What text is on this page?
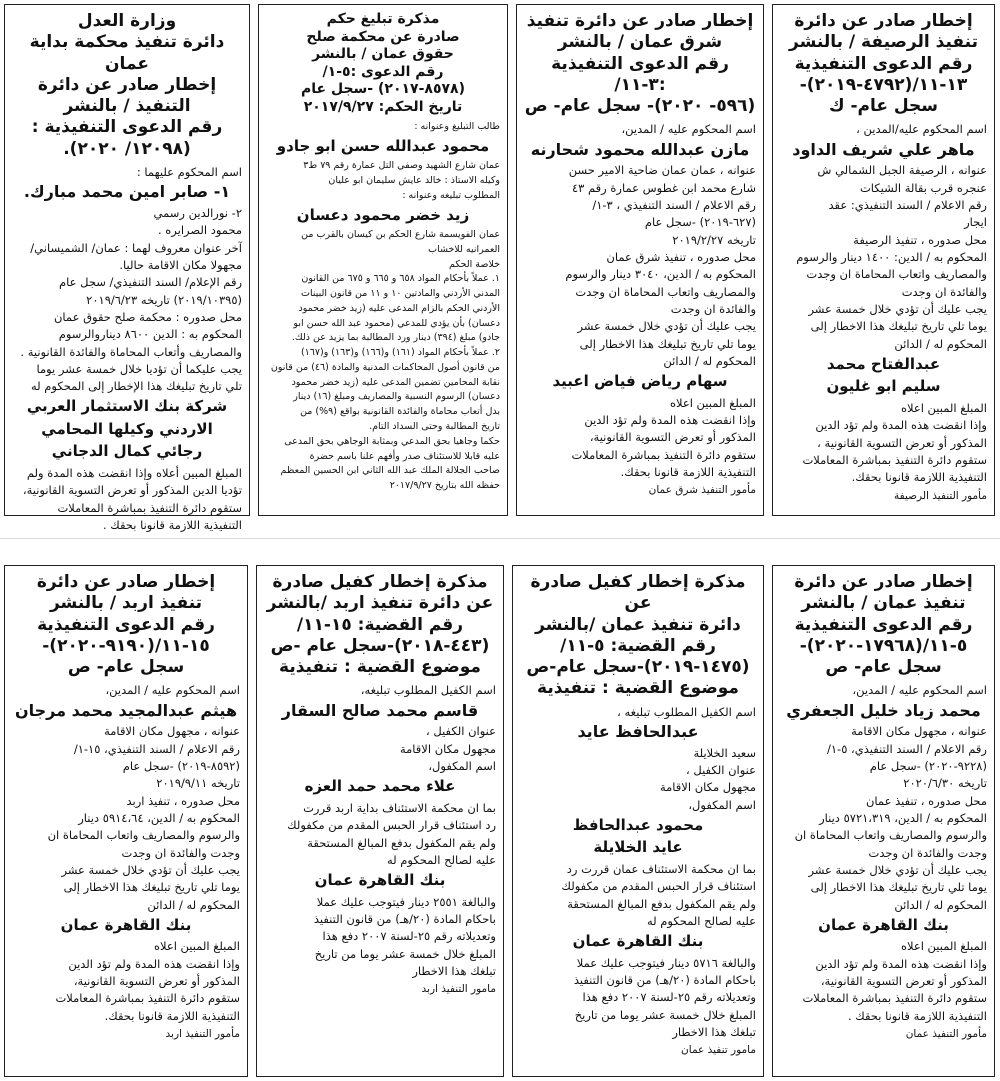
إخطار صادر عن دائرة
تنفيذ الرصيفة / بالنشر
رقم الدعوى التنفيذية
١٣-١١/(٤٧٩٢-٢٠١٩)-
سجل عام- ك
اسم المحكوم عليه/المدين ،
ماهر علي شريف الداود
عنوانه ، الرصيفة الجبل الشمالي ش
عنجره قرب بقالة الشيكات
رقم الاعلام / السند التنفيذي: عقد
ايجار
محل صدوره ، تنفيذ الرصيفة
المحكوم به / الدين: ١٤٠٠ دينار والرسوم
والمصاريف واتعاب المحاماة ان وجدت
والفائدة ان وجدت
يجب عليك أن تؤدي خلال خمسة عشر
يوما تلي تاريخ تبليغك هذا الاخطار إلى
المحكوم له / الدائن
عبدالفتاح محمد
سليم ابو غليون
المبلغ المبين اعلاه
وإذا انقضت هذه المدة ولم تؤد الدين
المذكور أو تعرض التسوية القانونية ،
ستقوم دائرة التنفيذ بمباشرة المعاملات
التنفيذية اللازمة قانونا بحقك.
مأمور التنفيذ الرصيفة
إخطار صادر عن دائرة تنفيذ
شرق عمان / بالنشر
رقم الدعوى التنفيذية :٣-١١/
(٥٩٦- ٢٠٢٠)- سجل عام- ص
اسم المحكوم عليه / المدين،
مازن عبدالله محمود شحارنه
عنوانه ، عمان عمان ضاحية الامير حسن
شارع محمد ابن غطوس عمارة رقم ٤٣
رقم الاعلام / السند التنفيذي ، ٣-١/
(٦٢٧-٢٠١٩) -سجل عام
تاريخه ٢٠١٩/٢/٢٧
محل صدوره ، تنفيذ شرق عمان
المحكوم به / الدين، ٣٠٤٠ دينار والرسوم
والمصاريف واتعاب المحاماة ان وجدت
والفائدة ان وجدت
يجب عليك أن تؤدي خلال خمسة عشر
يوما تلي تاريخ تبليغك هذا الاخطار إلى
المحكوم له / الدائن
سهام رياض فياض اعبيد
المبلغ المبين اعلاه
وإذا انقضت هذه المدة ولم تؤد الدين
المذكور أو تعرض التسوية القانونية،
ستقوم دائرة التنفيذ بمباشرة المعاملات
التنفيذية اللازمة قانونا بحقك.
مأمور التنفيذ شرق عمان
مذكرة تبليغ حكم
صادرة عن محكمة صلح
حقوق عمان / بالنشر
رقم الدعوى :٥-١/
(٨٥٧٨-٢٠١٧) -سجل عام
تاريخ الحكم: ٢٠١٧/٩/٢٧
طالب التبليغ وعنوانه :
محمود عبدالله حسن ابو جادو
عمان شارع الشهيد وصفي التل عمارة رقم ٧٩ ط٣
وكيله الاستاذ : خالد عايش سليمان ابو عليان
المطلوب تبليغه وعنوانه :
زيد خضر محمود دعسان
عمان الفويسمة شارع الحكم بن كيسان بالقرب من
العمرانيه للاخشاب
خلاصة الحكم
١. عملاً بأحكام المواد ٦٥٨ و ٦٦٥ و ٦٧٥ من القانون
المدني الأردني والمادتين ١٠ و ١١ من قانون البينات
الأردني الحكم بالزام المدعى عليه (زيد خضر محمود
دعسان) بأن يؤدي للمدعي (محمود عبد الله حسن ابو
جادو) مبلغ (٣٩٤) دينار ورد المطالبة بما يزيد عن ذلك.
٢. عملاً بأحكام المواد (١٦١) و(١٦٦) و(١٦٣) و(١٦٧)
من قانون أصول المحاكمات المدنية والمادة (٤٦) من قانون
نقابة المحامين تضمين المدعى عليه (زيد خضر محمود
دعسان) الرسوم النسبية والمصاريف ومبلغ (١٦) دينار
بدل أتعاب محاماة والفائدة القانونية بواقع (٩%) من
تاريخ المطالبة وحتى السداد التام.
حكما وجاهيا بحق المدعي وبمثابة الوجاهي بحق المدعى
عليه قابلا للاستئناف صدر وأفهم علنا باسم حضرة
صاحب الجلالة الملك عبد الله الثاني ابن الحسين المعظم
حفظه الله بتاريخ ٢٠١٧/٩/٢٧
وزارة العدل
دائرة تنفيذ محكمة بداية عمان
إخطار صادر عن دائرة
التنفيذ / بالنشر
رقم الدعوى التنفيذية :
(١٢٠٩٨/ ٢٠٢٠).
اسم المحكوم عليهما :
١- صابر امين محمد مبارك.
٢- نورالدين رسمي
محمود الصرايره .
آخر عنوان معروف لهما : عمان/ الشميساني/
مجهولا مكان الاقامة حاليا.
رقم الإعلام/ السند التنفيذي/ سجل عام
(٢٠١٩/١٠٣٩٥) تاريخه ٢٠١٩/٦/٢٣
محل صدوره : محكمة صلح حقوق عمان
المحكوم به : الدين ٨٦٠٠ ديناروالرسوم
والمصاريف وأتعاب المحاماة والفائدة القانونية .
يجب عليكما أن تؤديا خلال خمسة عشر يوما
تلي تاريخ تبليغك هذا الإخطار إلى المحكوم له
شركة بنك الاستثمار العربي
الاردني وكيلها المحامي
رجائي كمال الدجاني
المبلغ المبين أعلاه وإذا انقضت هذه المدة ولم
تؤديا الدين المذكور أو تعرض التسوية القانونية،
ستقوم دائرة التنفيذ بمباشرة المعاملات
التنفيذية اللازمة قانونا بحقك .
إخطار صادر عن دائرة
تنفيذ عمان / بالنشر
رقم الدعوى التنفيذية
٥-١١/(١٧٩٦٨-٢٠٢٠)-
سجل عام- ص
اسم المحكوم عليه / المدين،
محمد زياد خليل الجعفري
عنوانه ، مجهول مكان الاقامة
رقم الاعلام / السند التنفيذي، ٥-١/
(٩٢٢٨-٢٠٢٠) -سجل عام
تاريخه ٢٠٢٠/٦/٣٠
محل صدوره ، تنفيذ عمان
المحكوم به / الدين، ٥٧٢١،٣١٩ دينار
والرسوم والمصاريف واتعاب المحاماة ان
وجدت والفائدة ان وجدت
يجب عليك أن تؤدي خلال خمسة عشر
يوما تلي تاريخ تبليغك هذا الاخطار إلى
المحكوم له / الدائن
بنك القاهرة عمان
المبلغ المبين اعلاه
وإذا انقضت هذه المدة ولم تؤد الدين
المذكور أو تعرض التسوية القانونية،
ستقوم دائرة التنفيذ بمباشرة المعاملات
التنفيذية اللازمة قانونا بحقك .
مأمور التنفيذ عمان
مذكرة إخطار كفيل صادرة عن
دائرة تنفيذ عمان /بالنشر
رقم القضية: ٥-١١/
(١٤٧٥-٢٠١٩)-سجل عام-ص
موضوع القضية : تنفيذية
اسم الكفيل المطلوب تبليغه ،
عبدالحافظ عايد
سعيد الخلايلة
عنوان الكفيل ،
مجهول مكان الاقامة
اسم المكفول،
محمود عبدالحافظ
عايد الخلايلة
بما ان محكمة الاستئناف عمان قررت رد
استئناف قرار الحبس المقدم من مكفولك
ولم يقم المكفول بدفع المبالغ المستحقة
عليه لصالح المحكوم له
بنك القاهرة عمان
والبالغة ٥٧١٦ دينار فيتوجب عليك عملا
باحكام المادة (٢٠/هـ) من قانون التنفيذ
وتعديلاته رقم ٢٥-لسنة ٢٠٠٧ دفع هذا
المبلغ خلال خمسة عشر يوما من تاريخ
تبلغك هذا الاخطار
مامور تنفيذ عمان
مذكرة إخطار كفيل صادرة
عن دائرة تنفيذ اربد /بالنشر
رقم القضية: ١٥-١١/
(٤٤٣-٢٠١٨)-سجل عام -ص
موضوع القضية : تنفيذية
اسم الكفيل المطلوب تبليغه،
قاسم محمد صالح السقار
عنوان الكفيل ،
مجهول مكان الاقامة
اسم المكفول،
علاء محمد حمد العزه
بما ان محكمة الاستئناف بداية اربد قررت
رد استئناف قرار الحبس المقدم من مكفولك
ولم يقم المكفول بدفع المبالغ المستحقة
عليه لصالح المحكوم له
بنك القاهرة عمان
والبالغة ٢٥٥١ دينار فيتوجب عليك عملا
باحكام المادة (٢٠/هـ) من قانون التنفيذ
وتعديلاته رقم ٢٥-لسنة ٢٠٠٧ دفع هذا
المبلغ خلال خمسة عشر يوما من تاريخ
تبلغك هذا الاخطار
مامور التنفيذ اربد
إخطار صادر عن دائرة
تنفيذ اربد / بالنشر
رقم الدعوى التنفيذية
١٥-١١/(٩١٩٠-٢٠٢٠)-
سجل عام- ص
اسم المحكوم عليه / المدين،
هيثم عبدالمجيد محمد مرجان
عنوانه ، مجهول مكان الاقامة
رقم الاعلام / السند التنفيذي، ١٥-١/
(٨٥٩٢-٢٠١٩) -سجل عام
تاريخه ٢٠١٩/٩/١١
محل صدوره ، تنفيذ اربد
المحكوم به / الدين، ٥٩١٤،٦٤ دينار
والرسوم والمصاريف واتعاب المحاماة ان
وجدت والفائدة ان وجدت
يجب عليك أن تؤدي خلال خمسة عشر
يوما تلي تاريخ تبليغك هذا الاخطار إلى
المحكوم له / الدائن
بنك القاهرة عمان
المبلغ المبين اعلاه
وإذا انقضت هذه المدة ولم تؤد الدين
المذكور أو تعرض التسوية القانونية،
ستقوم دائرة التنفيذ بمباشرة المعاملات
التنفيذية اللازمة قانونا بحقك.
مأمور التنفيذ اربد
